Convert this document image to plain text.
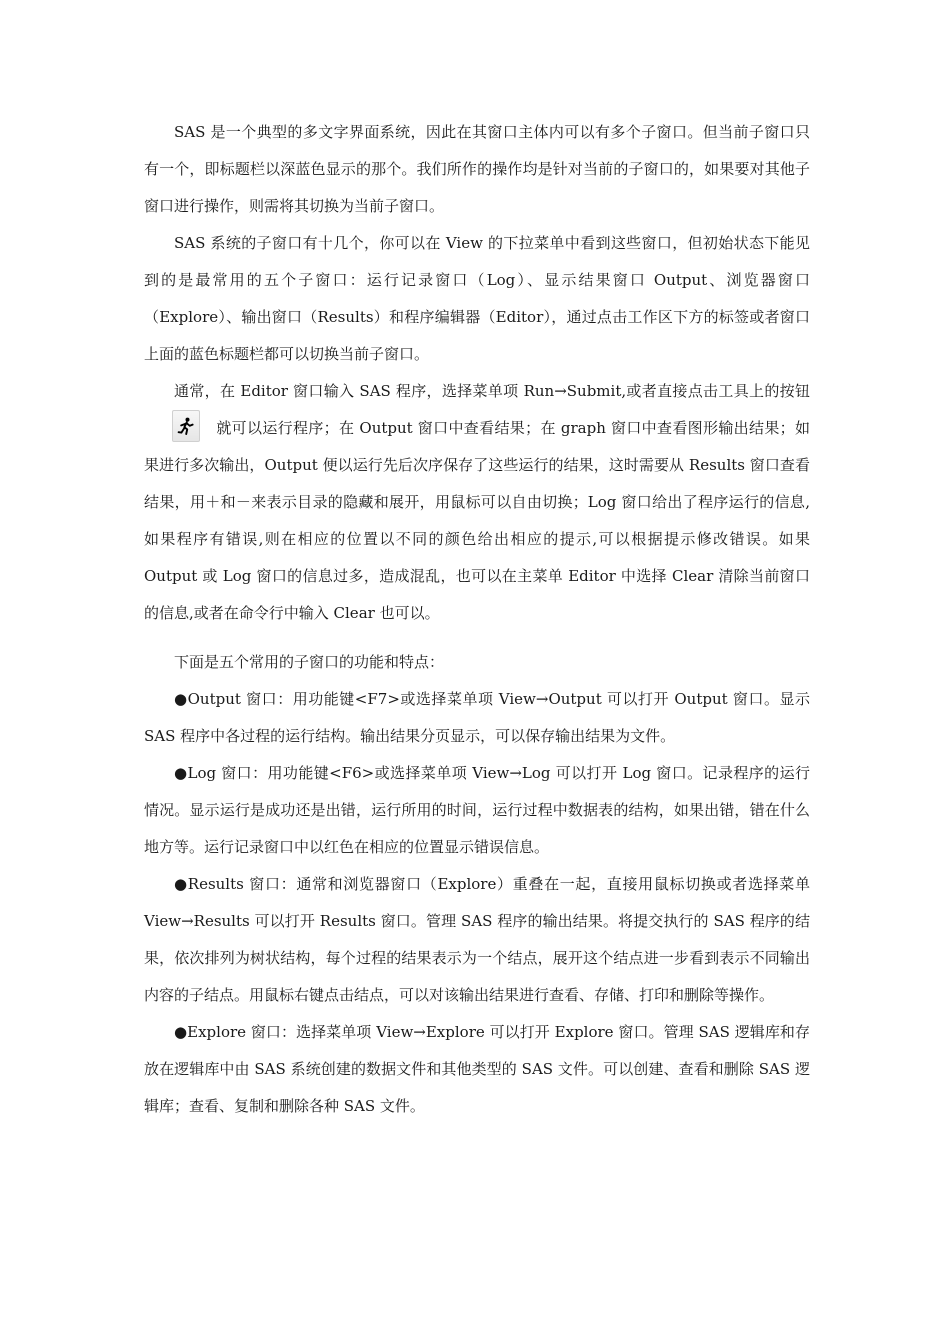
SAS 是一个典型的多文字界面系统，因此在其窗口主体内可以有多个子窗口。但当前子窗口只有一个，即标题栏以深蓝色显示的那个。我们所作的操作均是针对当前的子窗口的，如果要对其他子窗口进行操作，则需将其切换为当前子窗口。

SAS 系统的子窗口有十几个，你可以在 View 的下拉菜单中看到这些窗口，但初始状态下能见到的是最常用的五个子窗口：运行记录窗口（Log）、显示结果窗口 Output、浏览器窗口（Explore）、输出窗口（Results）和程序编辑器（Editor），通过点击工作区下方的标签或者窗口上面的蓝色标题栏都可以切换当前子窗口。

通常，在 Editor 窗口输入 SAS 程序，选择菜单项 Run→Submit,或者直接点击工具上的按钮
就可以运行程序；在 Output 窗口中查看结果；在 graph 窗口中查看图形输出结果；如果进行多次输出，Output 便以运行先后次序保存了这些运行的结果，这时需要从 Results 窗口查看结果，用＋和－来表示目录的隐藏和展开，用鼠标可以自由切换；Log 窗口给出了程序运行的信息,如果程序有错误,则在相应的位置以不同的颜色给出相应的提示,可以根据提示修改错误。如果 Output 或 Log 窗口的信息过多，造成混乱，也可以在主菜单 Editor 中选择 Clear 清除当前窗口的信息,或者在命令行中输入 Clear 也可以。

下面是五个常用的子窗口的功能和特点：

●Output 窗口：用功能键<F7>或选择菜单项 View→Output 可以打开 Output 窗口。显示 SAS 程序中各过程的运行结构。输出结果分页显示，可以保存输出结果为文件。

●Log 窗口：用功能键<F6>或选择菜单项 View→Log 可以打开 Log 窗口。记录程序的运行情况。显示运行是成功还是出错，运行所用的时间，运行过程中数据表的结构，如果出错，错在什么地方等。运行记录窗口中以红色在相应的位置显示错误信息。

●Results 窗口：通常和浏览器窗口（Explore）重叠在一起，直接用鼠标切换或者选择菜单 View→Results 可以打开 Results 窗口。管理 SAS 程序的输出结果。将提交执行的 SAS 程序的结果，依次排列为树状结构，每个过程的结果表示为一个结点，展开这个结点进一步看到表示不同输出内容的子结点。用鼠标右键点击结点，可以对该输出结果进行查看、存储、打印和删除等操作。

●Explore 窗口：选择菜单项 View→Explore 可以打开 Explore 窗口。管理 SAS 逻辑库和存放在逻辑库中由 SAS 系统创建的数据文件和其他类型的 SAS 文件。可以创建、查看和删除 SAS 逻辑库；查看、复制和删除各种 SAS 文件。
